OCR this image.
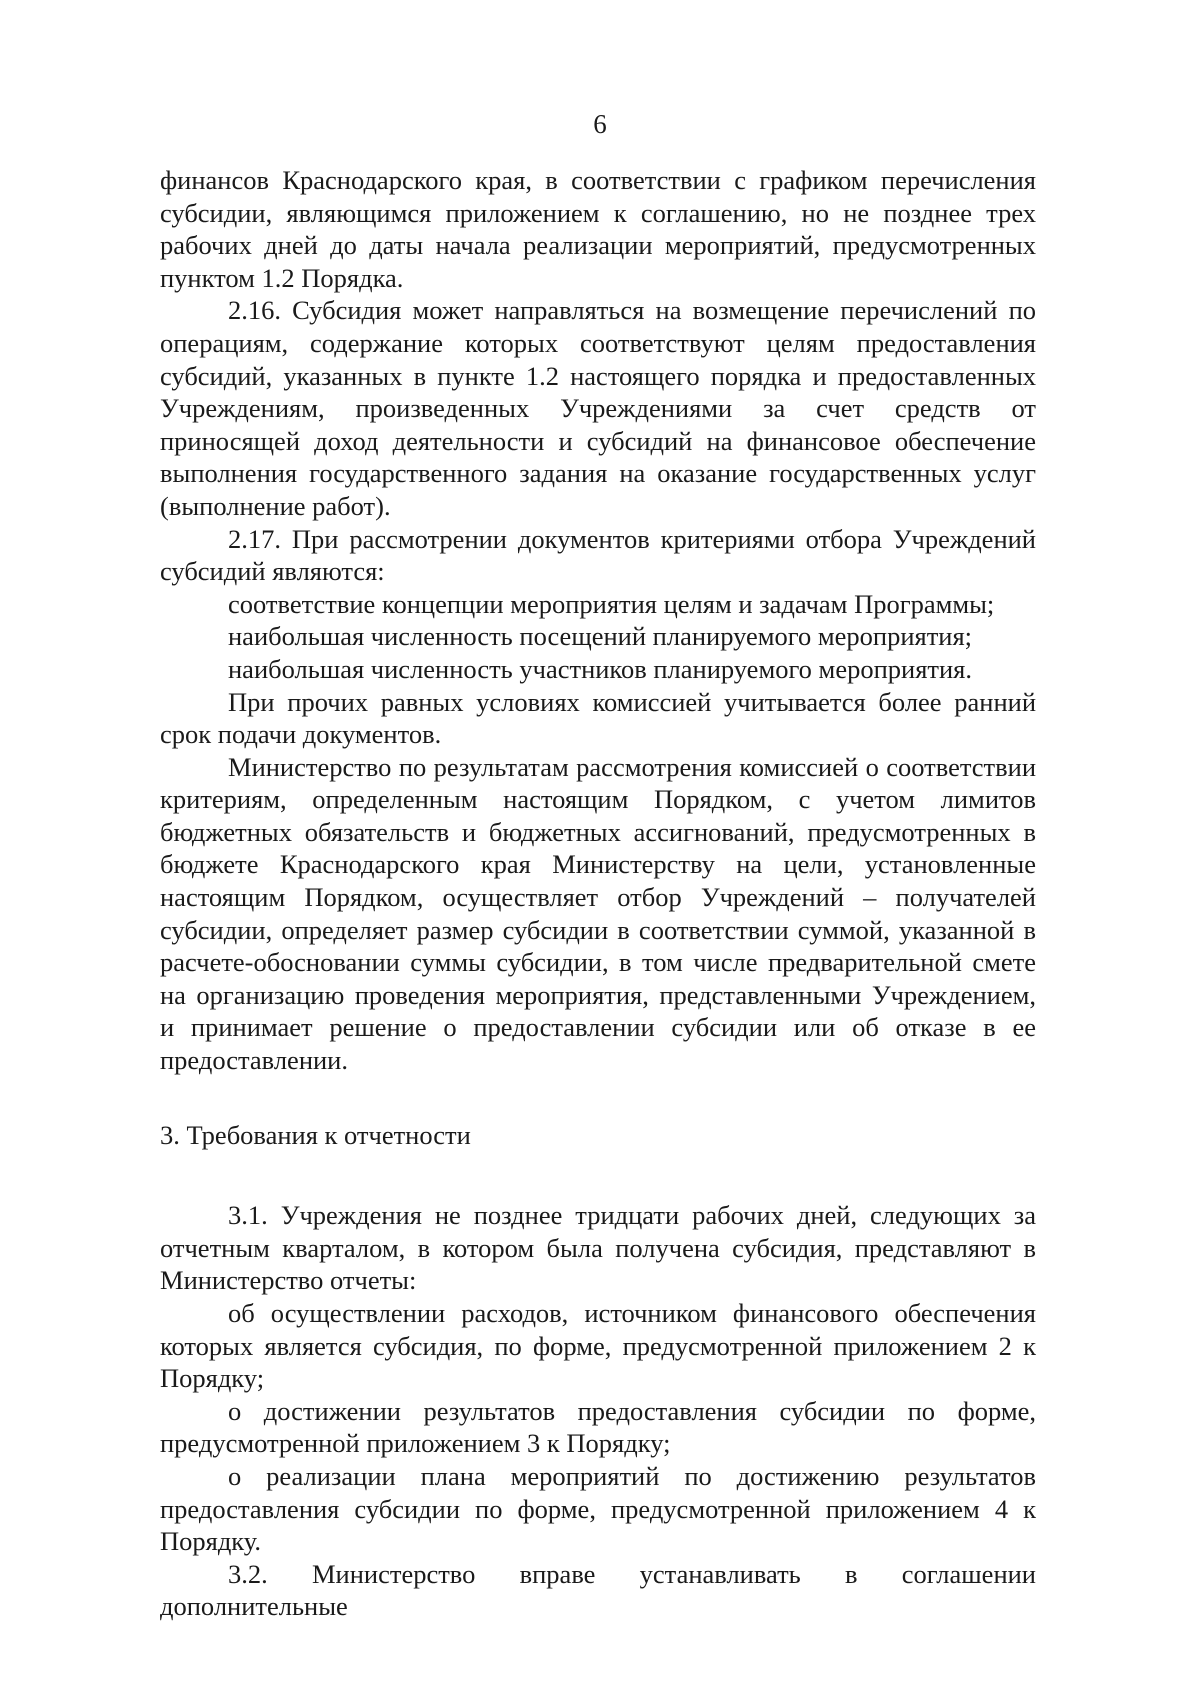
6

финансов Краснодарского края, в соответствии с графиком перечисления субсидии, являющимся приложением к соглашению, но не позднее трех рабочих дней до даты начала реализации мероприятий, предусмотренных пунктом 1.2 Порядка.

2.16. Субсидия может направляться на возмещение перечислений по операциям, содержание которых соответствуют целям предоставления субсидий, указанных в пункте 1.2 настоящего порядка и предоставленных Учреждениям, произведенных Учреждениями за счет средств от приносящей доход деятельности и субсидий на финансовое обеспечение выполнения государственного задания на оказание государственных услуг (выполнение работ).

2.17. При рассмотрении документов критериями отбора Учреждений субсидий являются:

соответствие концепции мероприятия целям и задачам Программы;

наибольшая численность посещений планируемого мероприятия;

наибольшая численность участников планируемого мероприятия.

При прочих равных условиях комиссией учитывается более ранний срок подачи документов.

Министерство по результатам рассмотрения комиссией о соответствии критериям, определенным настоящим Порядком, с учетом лимитов бюджетных обязательств и бюджетных ассигнований, предусмотренных в бюджете Краснодарского края Министерству на цели, установленные настоящим Порядком, осуществляет отбор Учреждений – получателей субсидии, определяет размер субсидии в соответствии суммой, указанной в расчете-обосновании суммы субсидии, в том числе предварительной смете на организацию проведения мероприятия, представленными Учреждением, и принимает решение о предоставлении субсидии или об отказе в ее предоставлении.

3. Требования к отчетности

3.1. Учреждения не позднее тридцати рабочих дней, следующих за отчетным кварталом, в котором была получена субсидия, представляют в Министерство отчеты:

об осуществлении расходов, источником финансового обеспечения которых является субсидия, по форме, предусмотренной приложением 2 к Порядку;

о достижении результатов предоставления субсидии по форме, предусмотренной приложением 3 к Порядку;

о реализации плана мероприятий по достижению результатов предоставления субсидии по форме, предусмотренной приложением 4 к Порядку.

3.2. Министерство вправе устанавливать в соглашении дополнительные
